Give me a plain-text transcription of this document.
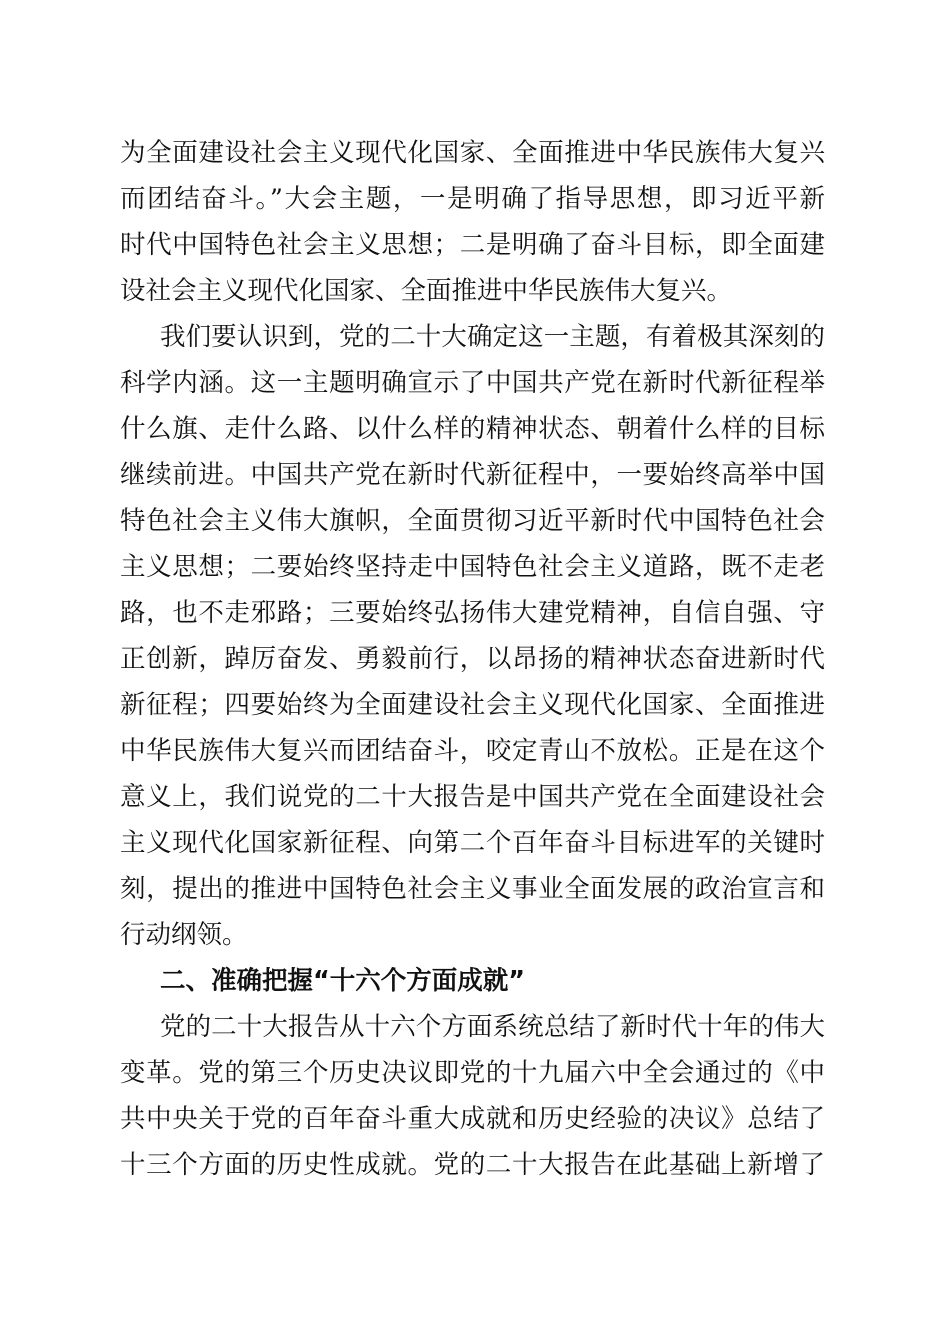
为全面建设社会主义现代化国家、全面推进中华民族伟大复兴
而团结奋斗。”大会主题，一是明确了指导思想，即习近平新
时代中国特色社会主义思想；二是明确了奋斗目标，即全面建
设社会主义现代化国家、全面推进中华民族伟大复兴。
我们要认识到，党的二十大确定这一主题，有着极其深刻的
科学内涵。这一主题明确宣示了中国共产党在新时代新征程举
什么旗、走什么路、以什么样的精神状态、朝着什么样的目标
继续前进。中国共产党在新时代新征程中，一要始终高举中国
特色社会主义伟大旗帜，全面贯彻习近平新时代中国特色社会
主义思想；二要始终坚持走中国特色社会主义道路，既不走老
路，也不走邪路；三要始终弘扬伟大建党精神，自信自强、守
正创新，踔厉奋发、勇毅前行，以昂扬的精神状态奋进新时代
新征程；四要始终为全面建设社会主义现代化国家、全面推进
中华民族伟大复兴而团结奋斗，咬定青山不放松。正是在这个
意义上，我们说党的二十大报告是中国共产党在全面建设社会
主义现代化国家新征程、向第二个百年奋斗目标进军的关键时
刻，提出的推进中国特色社会主义事业全面发展的政治宣言和
行动纲领。
二、准确把握“十六个方面成就”
党的二十大报告从十六个方面系统总结了新时代十年的伟大
变革。党的第三个历史决议即党的十九届六中全会通过的《中
共中央关于党的百年奋斗重大成就和历史经验的决议》总结了
十三个方面的历史性成就。党的二十大报告在此基础上新增了
